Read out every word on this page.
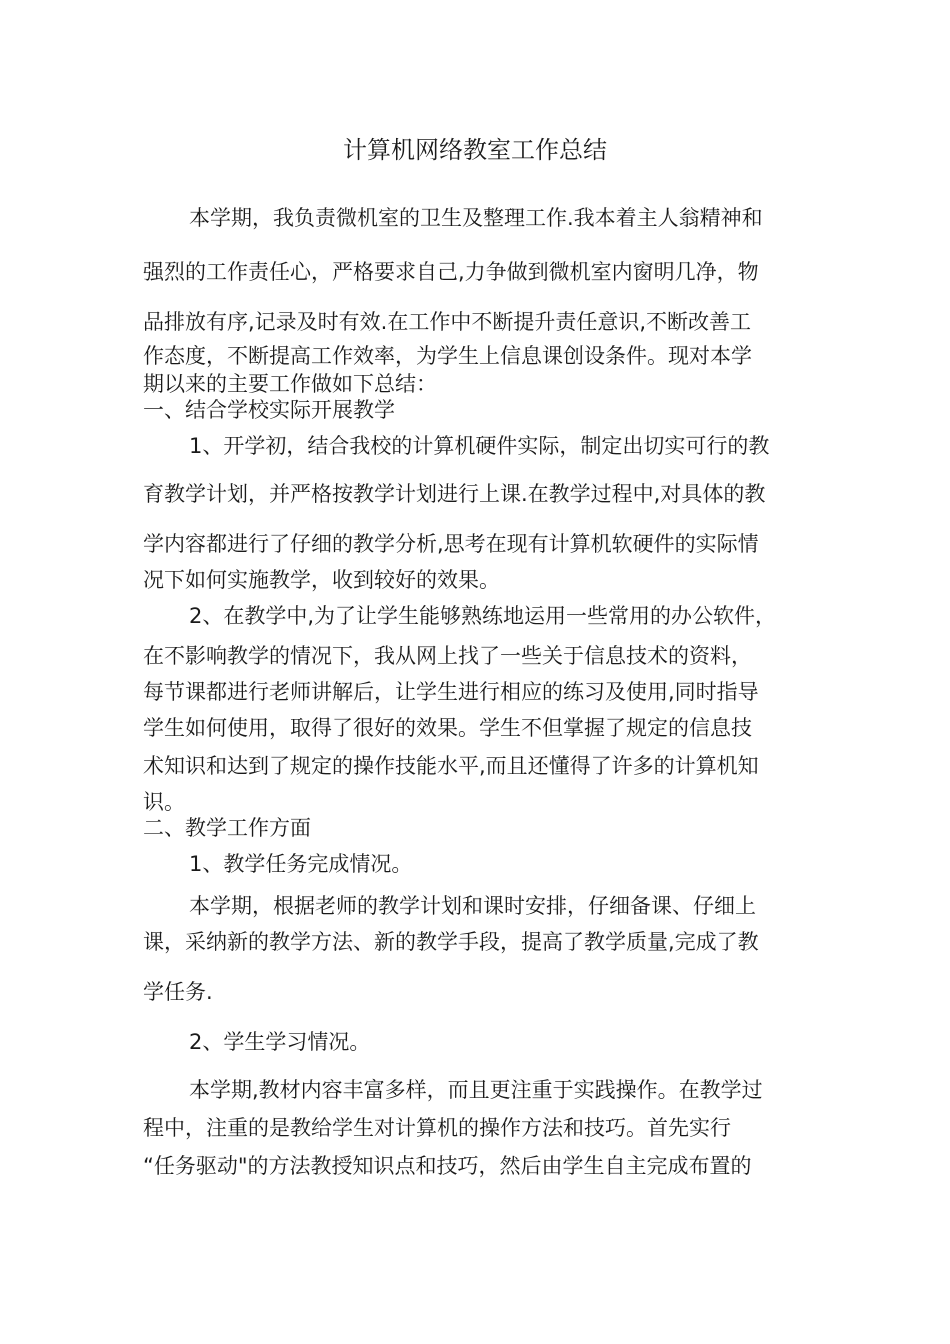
计算机网络教室工作总结
本学期，我负责微机室的卫生及整理工作.我本着主人翁精神和
强烈的工作责任心，严格要求自己,力争做到微机室内窗明几净，物
品排放有序,记录及时有效.在工作中不断提升责任意识,不断改善工
作态度，不断提高工作效率，为学生上信息课创设条件。现对本学
期以来的主要工作做如下总结：
一、结合学校实际开展教学
1、开学初，结合我校的计算机硬件实际，制定出切实可行的教
育教学计划，并严格按教学计划进行上课.在教学过程中,对具体的教
学内容都进行了仔细的教学分析,思考在现有计算机软硬件的实际情
况下如何实施教学，收到较好的效果。
2、在教学中,为了让学生能够熟练地运用一些常用的办公软件，
在不影响教学的情况下，我从网上找了一些关于信息技术的资料，
每节课都进行老师讲解后，让学生进行相应的练习及使用,同时指导
学生如何使用，取得了很好的效果。学生不但掌握了规定的信息技
术知识和达到了规定的操作技能水平,而且还懂得了许多的计算机知
识。
二、教学工作方面
1、教学任务完成情况。
本学期，根据老师的教学计划和课时安排，仔细备课、仔细上
课，采纳新的教学方法、新的教学手段，提高了教学质量,完成了教
学任务.
2、学生学习情况。
本学期,教材内容丰富多样，而且更注重于实践操作。在教学过
程中，注重的是教给学生对计算机的操作方法和技巧。首先实行
“任务驱动"的方法教授知识点和技巧，然后由学生自主完成布置的
